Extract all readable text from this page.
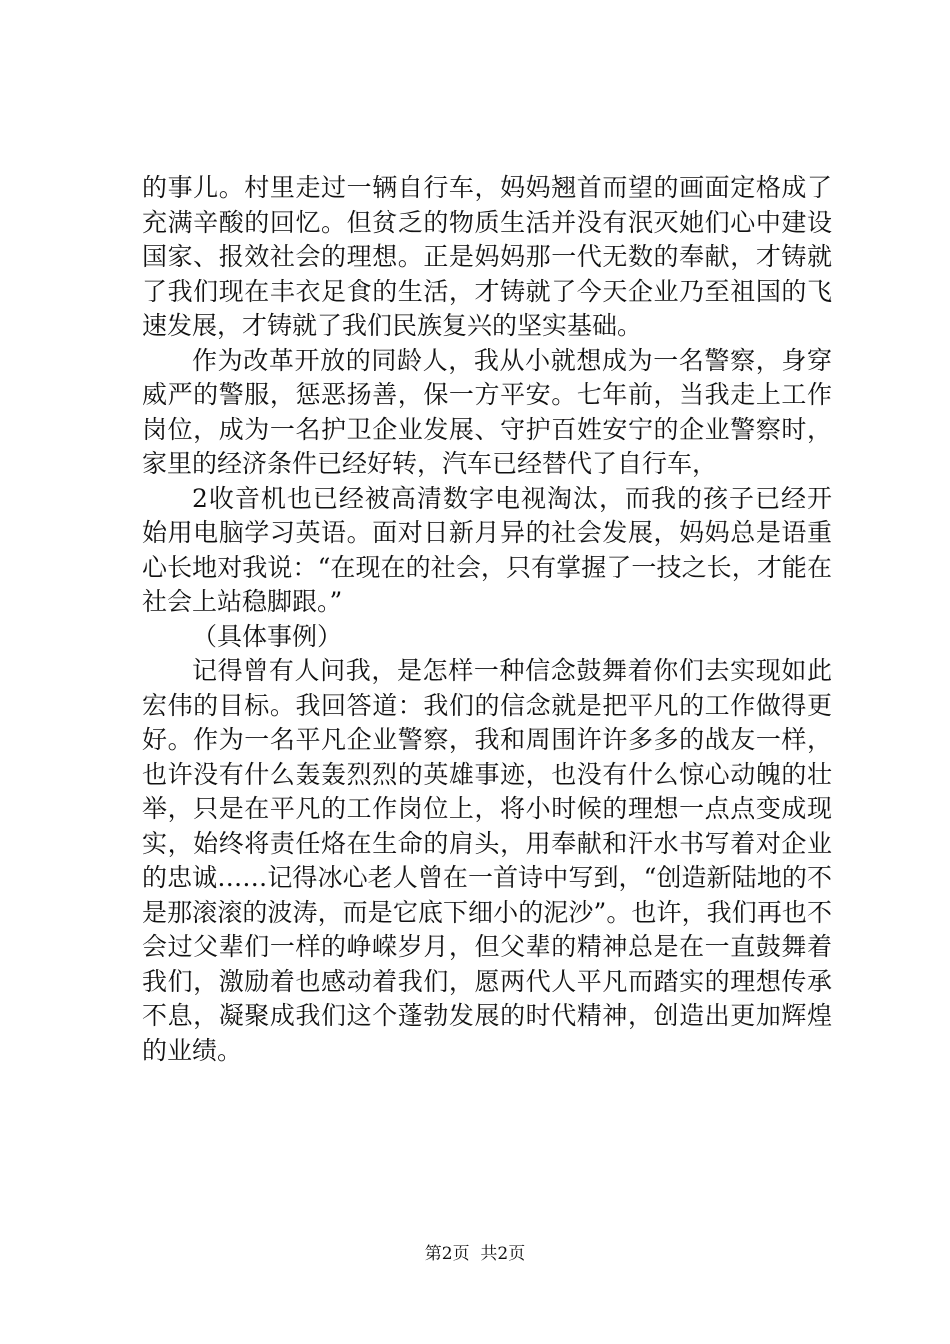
的事儿。村里走过一辆自行车，妈妈翘首而望的画面定格成了充满辛酸的回忆。但贫乏的物质生活并没有泯灭她们心中建设国家、报效社会的理想。正是妈妈那一代无数的奉献，才铸就了我们现在丰衣足食的生活，才铸就了今天企业乃至祖国的飞速发展，才铸就了我们民族复兴的坚实基础。

作为改革开放的同龄人，我从小就想成为一名警察，身穿威严的警服，惩恶扬善，保一方平安。七年前，当我走上工作岗位，成为一名护卫企业发展、守护百姓安宁的企业警察时，家里的经济条件已经好转，汽车已经替代了自行车，

2收音机也已经被高清数字电视淘汰，而我的孩子已经开始用电脑学习英语。面对日新月异的社会发展，妈妈总是语重心长地对我说：“在现在的社会，只有掌握了一技之长，才能在社会上站稳脚跟。”

（具体事例）

记得曾有人问我，是怎样一种信念鼓舞着你们去实现如此宏伟的目标。我回答道：我们的信念就是把平凡的工作做得更好。作为一名平凡企业警察，我和周围许许多多的战友一样，也许没有什么轰轰烈烈的英雄事迹，也没有什么惊心动魄的壮举，只是在平凡的工作岗位上，将小时候的理想一点点变成现实，始终将责任烙在生命的肩头，用奉献和汗水书写着对企业的忠诚……记得冰心老人曾在一首诗中写到，“创造新陆地的不是那滚滚的波涛，而是它底下细小的泥沙”。也许，我们再也不会过父辈们一样的峥嵘岁月，但父辈的精神总是在一直鼓舞着我们，激励着也感动着我们，愿两代人平凡而踏实的理想传承不息，凝聚成我们这个蓬勃发展的时代精神，创造出更加辉煌的业绩。

第2页  共2页
